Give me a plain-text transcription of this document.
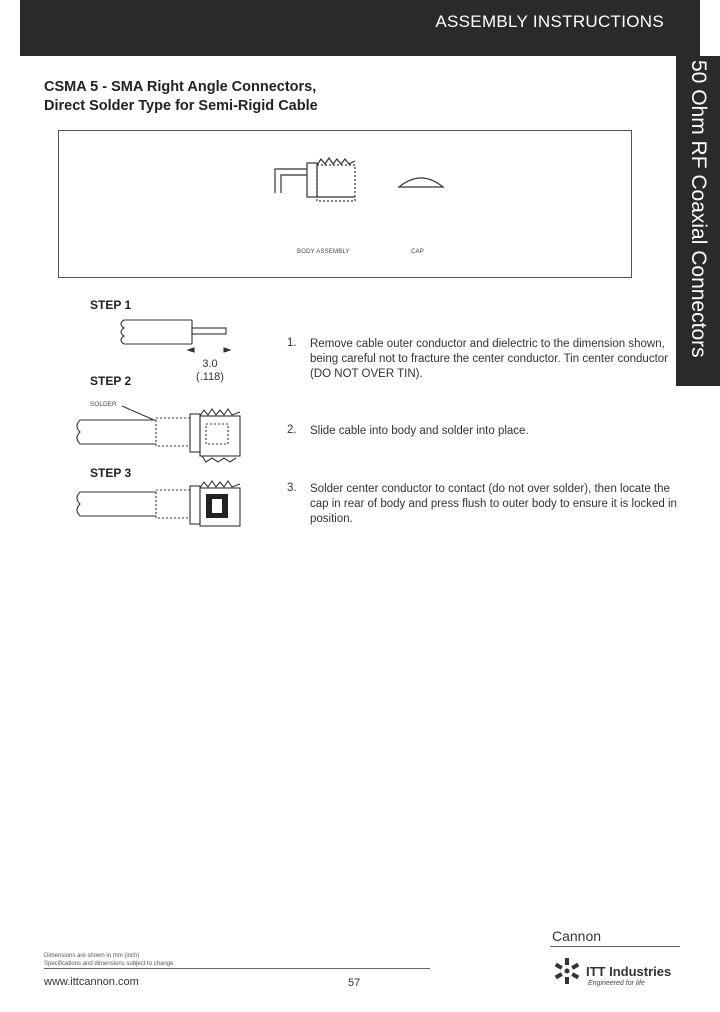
ASSEMBLY INSTRUCTIONS
50 Ohm RF Coaxial Connectors
CSMA 5 - SMA Right Angle Connectors,
Direct Solder Type for Semi-Rigid Cable
BODY ASSEMBLY	CAP
STEP 1
3.0
(.118)
1. Remove cable outer conductor and dielectric to the dimension shown, being careful not to fracture the center conductor. Tin center conductor (DO NOT OVER TIN).
STEP 2
SOLDER
2. Slide cable into body and solder into place.
STEP 3
3. Solder center conductor to contact (do not over solder), then locate the cap in rear of body and press flush to outer body to ensure it is locked in position.
Dimensions are shown in mm (inch)
Specifications and dimensions subject to change
www.ittcannon.com	57
Cannon
ITT Industries
Engineered for life
